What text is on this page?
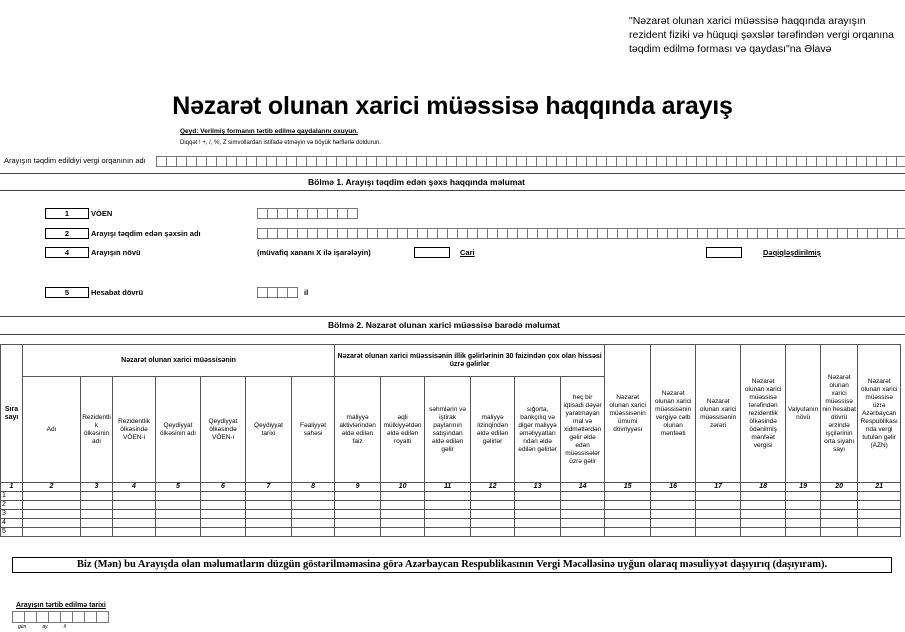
"Nəzarət olunan xarici müəssisə haqqında arayışın rezident fiziki və hüquqi şəxslər tərəfindən vergi orqanına təqdim edilmə forması və qaydası"na Əlavə
Nəzarət olunan xarici müəssisə haqqında arayış
Qeyd: Verilmiş formanın tərtib edilmə qaydalarını oxuyun.
Diqqət ! +, /, %, Z simvollardan istifadə etməyin və böyük hərflərlə doldurun.
Arayışın təqdim edildiyi vergi orqanının adı
Bölmə 1. Arayışı təqdim edən şəxs haqqında məlumat
1	VÖEN
2	Arayışı təqdim edən şəxsin adı
4	Arayışın növü	(müvafiq xananı X ilə işarələyin)	Cari	Dəqiqləşdirilmiş
5	Hesabat dövrü	il
Bölmə 2. Nəzarət olunan xarici müəssisə barədə məlumat
Sıra sayı	Nəzarət olunan xarici müəssisənin							Nəzarət olunan xarici müəssisənin illik gəlirlərinin 30 faizindən çox olan hissəsi üzrə gəlirlər						Nəzarət olunan xarici müəssisənin ümumi dövriyyəsi	Nəzarət olunan xarici müəssisənin vergiyə cəlb olunan mənfəəti	Nəzarət olunan xarici müəssisənin zərəri	Nəzarət olunan xarici müəssisə tərəfindən rezidentlik ölkəsində ödənilmiş mənfəət vergisi	Valyutanın növü	Nəzarət olunan xarici müəssisə nin hesabat dövrü ərzində işçilərinin orta siyahı sayı	Nəzarət olunan xarici müəssisə üzrə Azərbaycan Respublikası nda vergi tutulan gəlir (AZN)
	Adı	Rezidentli k ölkəsinin adı	Rezidentlik ölkəsində VÖEN-i	Qeydiyyat ölkəsinin adı	Qeydiyyat ölkəsində VÖEN-i	Qeydiyyat tarixi	Fəaliyyət sahəsi	maliyyə aktivlərindən əldə edilən faiz	əqli mülkiyyətdən əldə edilən royalti	səhmlərin və iştirak paylarının satışından əldə edilən gəlir	maliyyə lizinqindən əldə edilən gəlirlər	sığorta, bankçılıq və digər maliyyə əməliyyatları ndan əldə edilən gəlirlər	heç bir iqtisadi dəyər yaratmayan mal və xidmətlərdən gəlir əldə edən müəssisələr üzrə gəlir							
1	2	3	4	5	6	7	8	9	10	11	12	13	14	15	16	17	18	19	20	21
1																				
2																				
3																				
4																				
5																				
Biz (Mən) bu Arayışda olan məlumatların düzgün göstərilməməsinə görə Azərbaycan Respublikasının Vergi Məcəlləsinə uyğun olaraq məsuliyyət daşıyırıq (daşıyıram).
Arayışın tərtib edilmə tarixi
gün	ay	il
